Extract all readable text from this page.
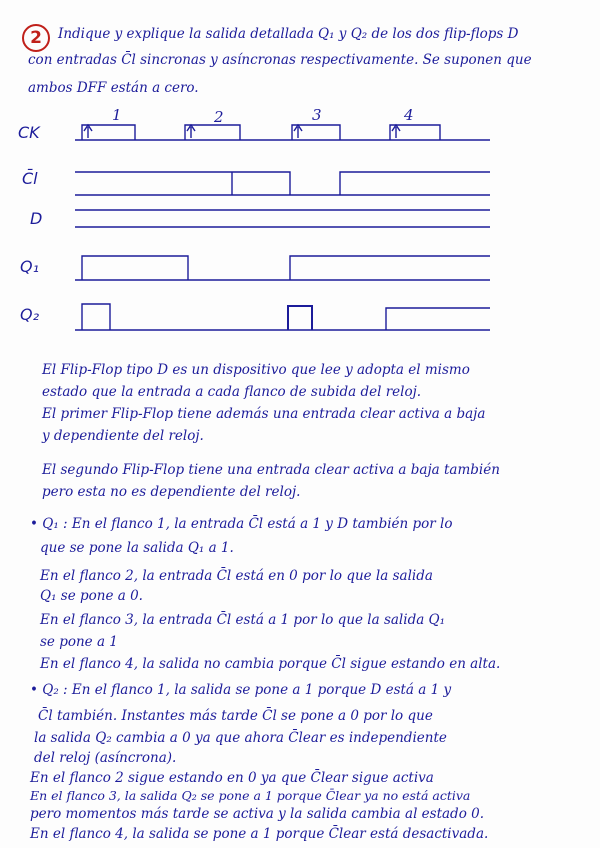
2	Indique y explique la salida detallada Q₁ y Q₂ de los dos flip-flops D
con entradas C̄l sincronas y asíncronas respectivamente. Se suponen que
ambos DFF están a cero.
CK
C̄l
D
Q₁
Q₂
1	2	3	4
El Flip-Flop tipo D es un dispositivo que lee y adopta el mismo
estado que la entrada a cada flanco de subida del reloj.
El primer Flip-Flop tiene además una entrada clear activa a baja
y dependiente del reloj.
El segundo Flip-Flop tiene una entrada clear activa a baja también
pero esta no es dependiente del reloj.
• Q₁ : En el flanco 1, la entrada C̄l está a 1 y D también por lo
que se pone la salida Q₁ a 1.
En el flanco 2, la entrada C̄l está en 0 por lo que la salida
Q₁ se pone a 0.
En el flanco 3, la entrada C̄l está a 1 por lo que la salida Q₁
se pone a 1
En el flanco 4, la salida no cambia porque C̄l sigue estando en alta.
• Q₂ : En el flanco 1, la salida se pone a 1 porque D está a 1 y
C̄l también. Instantes más tarde C̄l se pone a 0 por lo que
la salida Q₂ cambia a 0 ya que ahora C̄lear es independiente
del reloj (asíncrona).
En el flanco 2 sigue estando en 0 ya que C̄lear sigue activa
En el flanco 3, la salida Q₂ se pone a 1 porque C̄lear ya no está activa
pero momentos más tarde se activa y la salida cambia al estado 0.
En el flanco 4, la salida se pone a 1 porque C̄lear está desactivada.
